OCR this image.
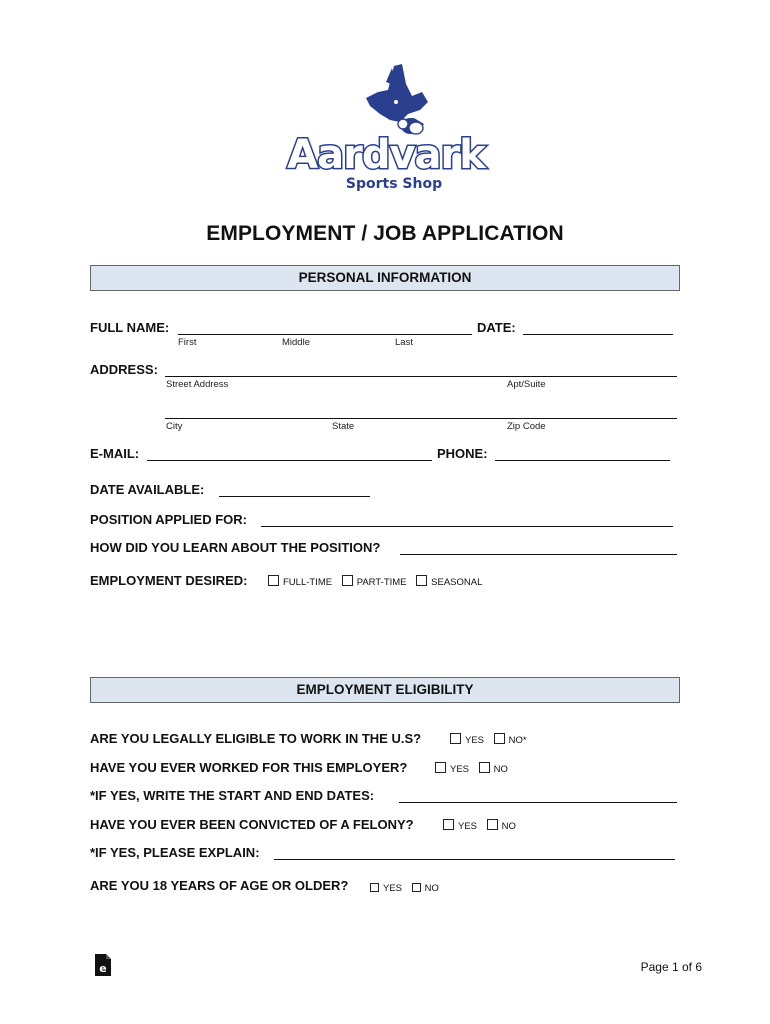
Aardvark
Sports Shop
EMPLOYMENT / JOB APPLICATION
PERSONAL INFORMATION
FULL NAME:	DATE:
First	Middle	Last
ADDRESS:
Street Address	Apt/Suite
City	State	Zip Code
E-MAIL:	PHONE:
DATE AVAILABLE:
POSITION APPLIED FOR:
HOW DID YOU LEARN ABOUT THE POSITION?
EMPLOYMENT DESIRED:	FULL-TIME	PART-TIME	SEASONAL
EMPLOYMENT ELIGIBILITY
ARE YOU LEGALLY ELIGIBLE TO WORK IN THE U.S?	YES	NO*
HAVE YOU EVER WORKED FOR THIS EMPLOYER?	YES	NO
*IF YES, WRITE THE START AND END DATES:
HAVE YOU EVER BEEN CONVICTED OF A FELONY?	YES	NO
*IF YES, PLEASE EXPLAIN:
ARE YOU 18 YEARS OF AGE OR OLDER?	YES NO
e	Page 1 of 6
